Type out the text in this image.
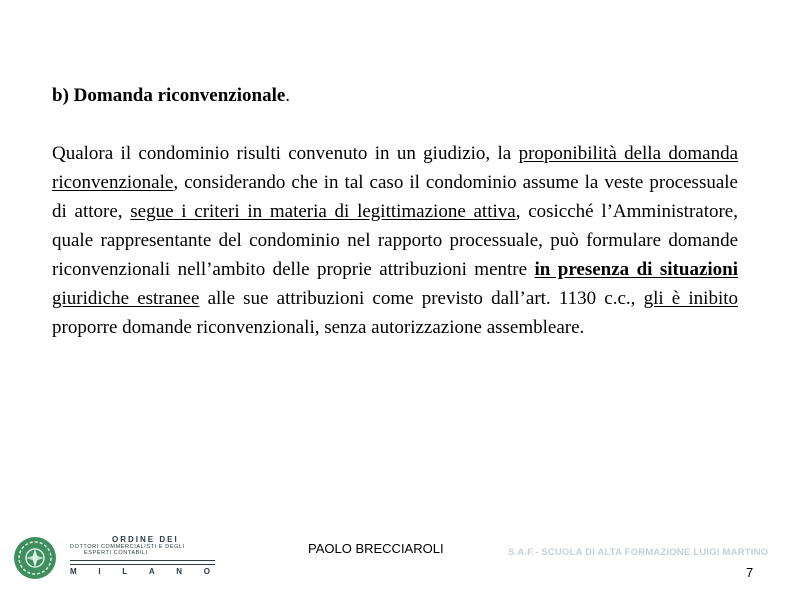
b) Domanda riconvenzionale.
Qualora il condominio risulti convenuto in un giudizio, la proponibilità della domanda riconvenzionale, considerando che in tal caso il condominio assume la veste processuale di attore, segue i criteri in materia di legittimazione attiva, cosicché l’Amministratore, quale rappresentante del condominio nel rapporto processuale, può formulare domande riconvenzionali nell’ambito delle proprie attribuzioni mentre in presenza di situazioni giuridiche estranee alle sue attribuzioni come previsto dall’art. 1130 c.c., gli è inibito proporre domande riconvenzionali, senza autorizzazione assembleare.
ORDINE DEI
DOTTORI COMMERCIALISTI E DEGLI
ESPERTI CONTABILI
M	I	L	A	N	O
PAOLO BRECCIAROLI	S.A.F.- SCUOLA DI ALTA FORMAZIONE LUIGI MARTINO
7
